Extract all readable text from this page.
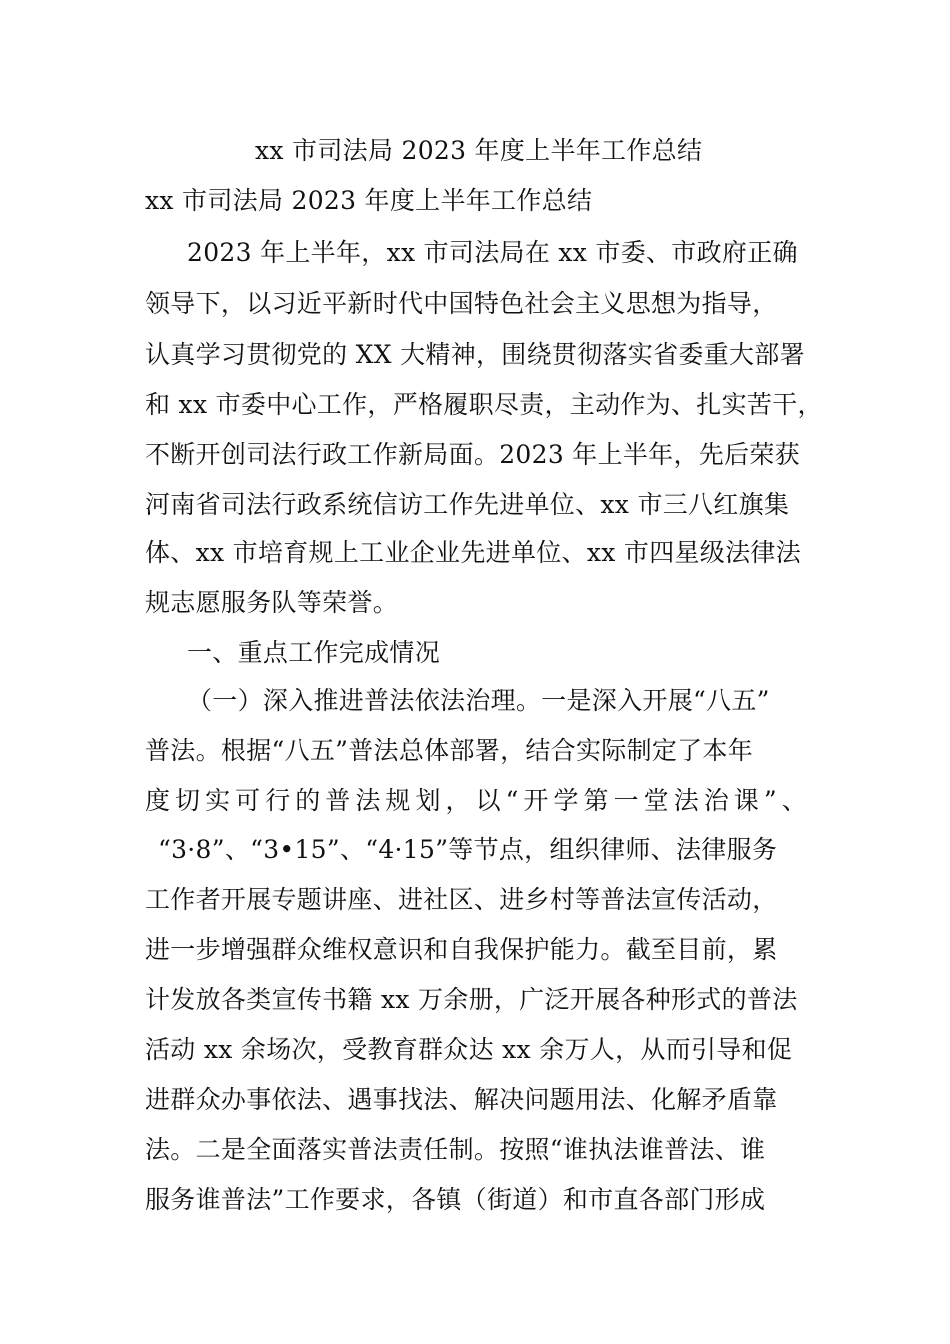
xx 市司法局 2023 年度上半年工作总结
xx 市司法局 2023 年度上半年工作总结
2023 年上半年，xx 市司法局在 xx 市委、市政府正确
领导下，以习近平新时代中国特色社会主义思想为指导，
认真学习贯彻党的 XX 大精神，围绕贯彻落实省委重大部署
和 xx 市委中心工作，严格履职尽责，主动作为、扎实苦干，
不断开创司法行政工作新局面。2023 年上半年，先后荣获
河南省司法行政系统信访工作先进单位、xx 市三八红旗集
体、xx 市培育规上工业企业先进单位、xx 市四星级法律法
规志愿服务队等荣誉。
一、重点工作完成情况
（一）深入推进普法依法治理。一是深入开展“八五”
普法。根据“八五”普法总体部署，结合实际制定了本年
度切实可行的普法规划，以“开学第一堂法治课”、
“3·8”、“3•15”、“4·15”等节点，组织律师、法律服务
工作者开展专题讲座、进社区、进乡村等普法宣传活动，
进一步增强群众维权意识和自我保护能力。截至目前，累
计发放各类宣传书籍 xx 万余册，广泛开展各种形式的普法
活动 xx 余场次，受教育群众达 xx 余万人，从而引导和促
进群众办事依法、遇事找法、解决问题用法、化解矛盾靠
法。二是全面落实普法责任制。按照“谁执法谁普法、谁
服务谁普法”工作要求，各镇（街道）和市直各部门形成
